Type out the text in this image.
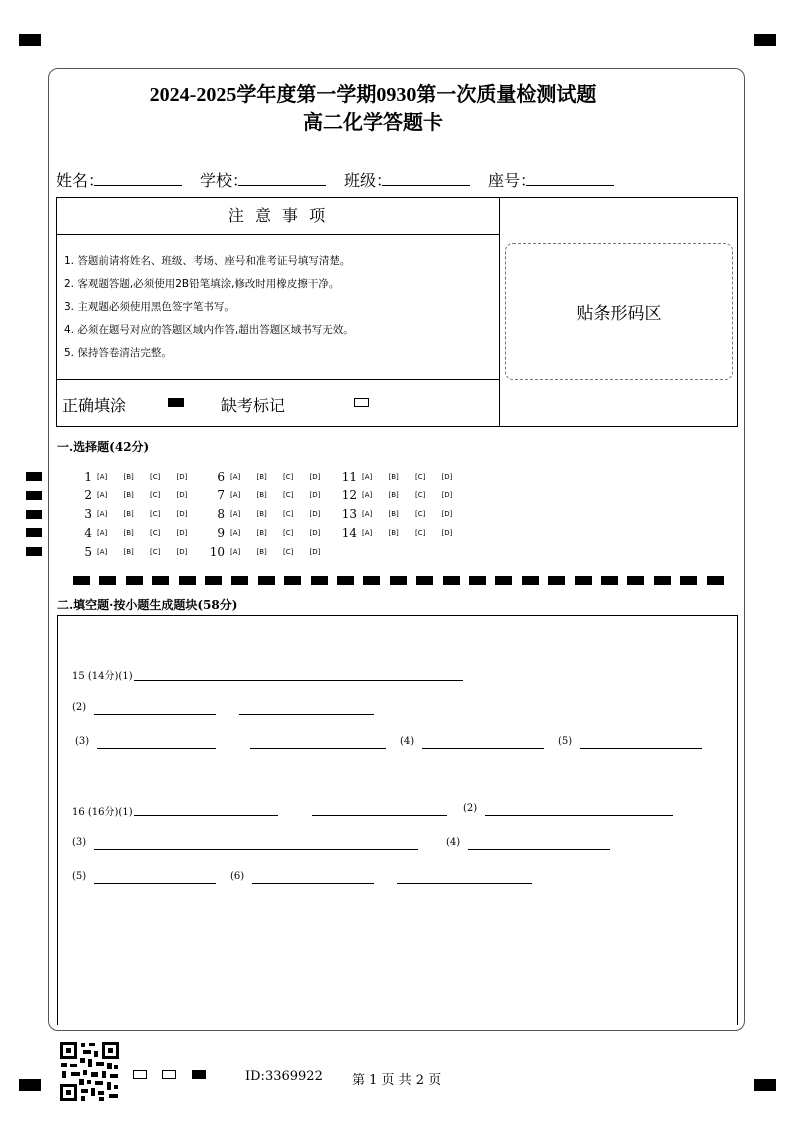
2024-2025学年度第一学期0930第一次质量检测试题
高二化学答题卡
姓名：	学校：	班级：	座号：
注 意 事 项
1. 答题前请将姓名、班级、考场、座号和准考证号填写清楚。
2. 客观题答题,必须使用2B铅笔填涂,修改时用橡皮擦干净。
3. 主观题必须使用黑色签字笔书写。
4. 必须在题号对应的答题区域内作答,超出答题区域书写无效。
5. 保持答卷清洁完整。
正确填涂	缺考标记
贴条形码区
一.选择题(42分)
1 [A] [B] [C] [D]
2 [A] [B] [C] [D]
3 [A] [B] [C] [D]
4 [A] [B] [C] [D]
5 [A] [B] [C] [D]
6 [A] [B] [C] [D]
7 [A] [B] [C] [D]
8 [A] [B] [C] [D]
9 [A] [B] [C] [D]
10 [A] [B] [C] [D]
11 [A] [B] [C] [D]
12 [A] [B] [C] [D]
13 [A] [B] [C] [D]
14 [A] [B] [C] [D]
二.填空题·按小题生成题块(58分)
15 (14分)(1)
(2)
(3)	(4)	(5)
16 (16分)(1)	(2)
(3)	(4)
(5)	(6)
ID:3369922 第 1 页 共 2 页
